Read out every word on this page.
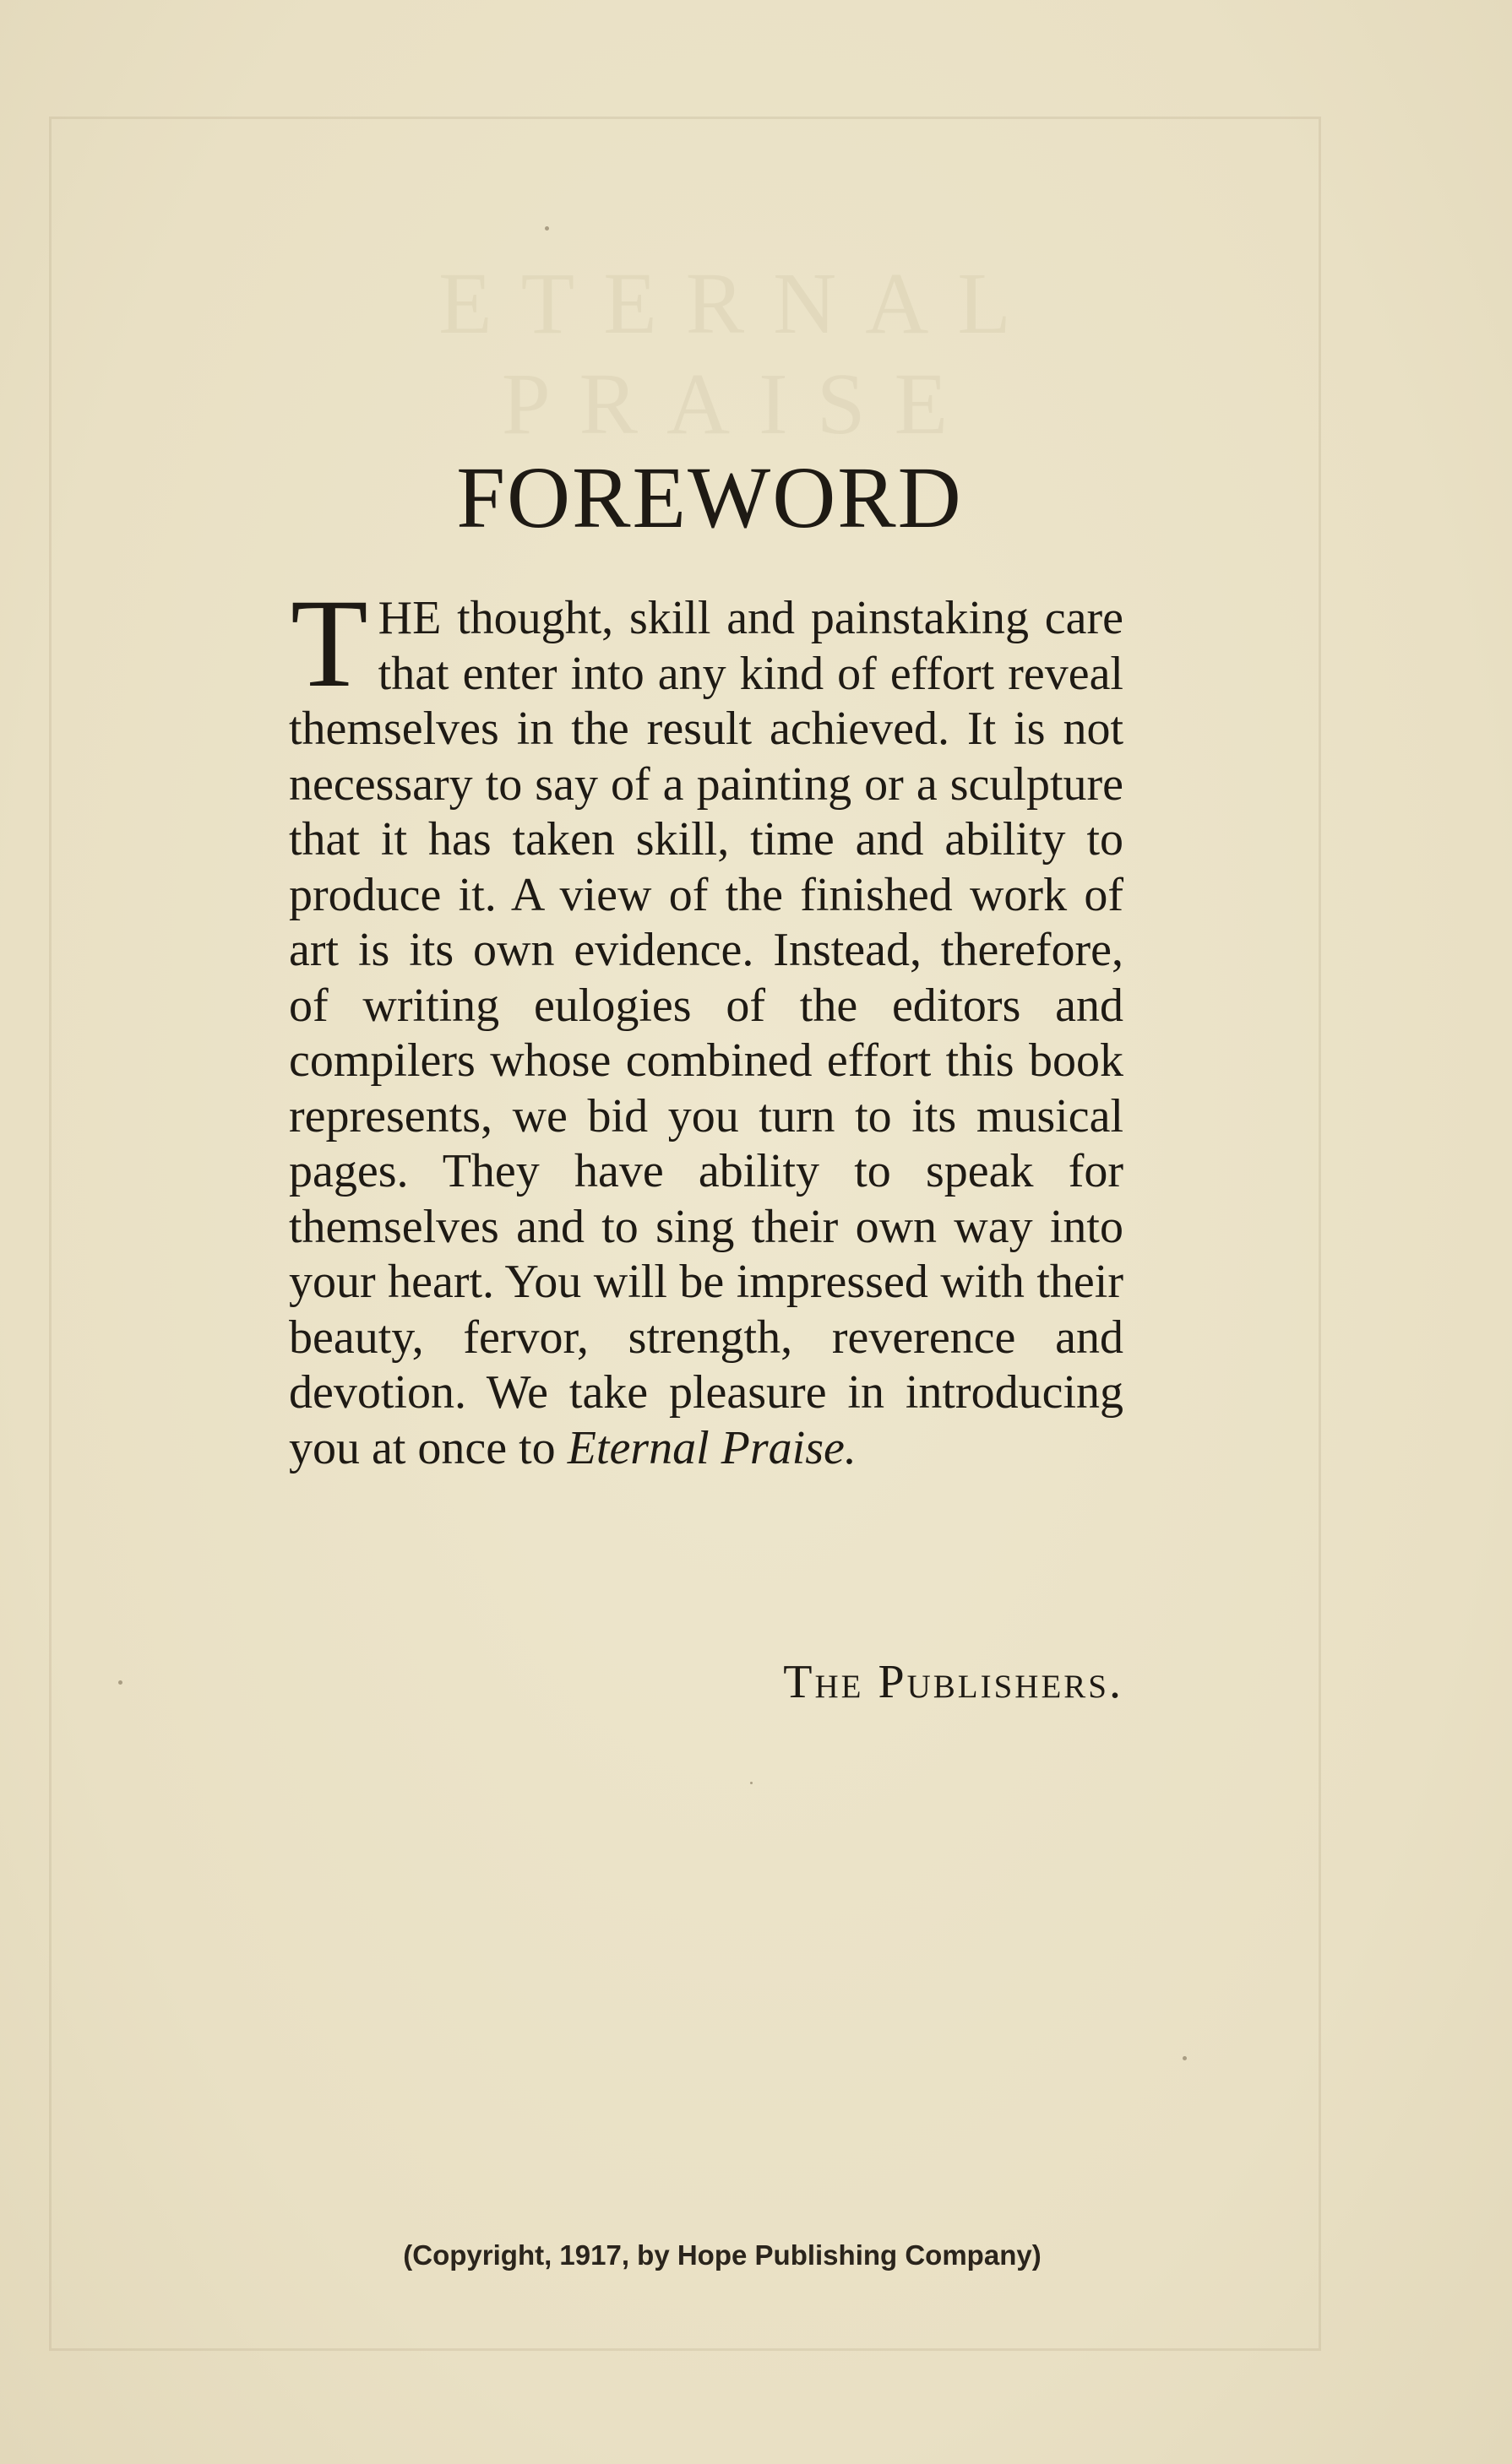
ETERNAL PRAISE
FOREWORD

THE thought, skill and painstaking care that enter into any kind of effort reveal themselves in the result achieved. It is not necessary to say of a painting or a sculpture that it has taken skill, time and ability to produce it. A view of the finished work of art is its own evidence. Instead, therefore, of writing eulogies of the editors and compilers whose combined effort this book represents, we bid you turn to its musical pages. They have ability to speak for themselves and to sing their own way into your heart. You will be impressed with their beauty, fervor, strength, reverence and devotion. We take pleasure in introducing you at once to Eternal Praise.

The Publishers.

(Copyright, 1917, by Hope Publishing Company)
